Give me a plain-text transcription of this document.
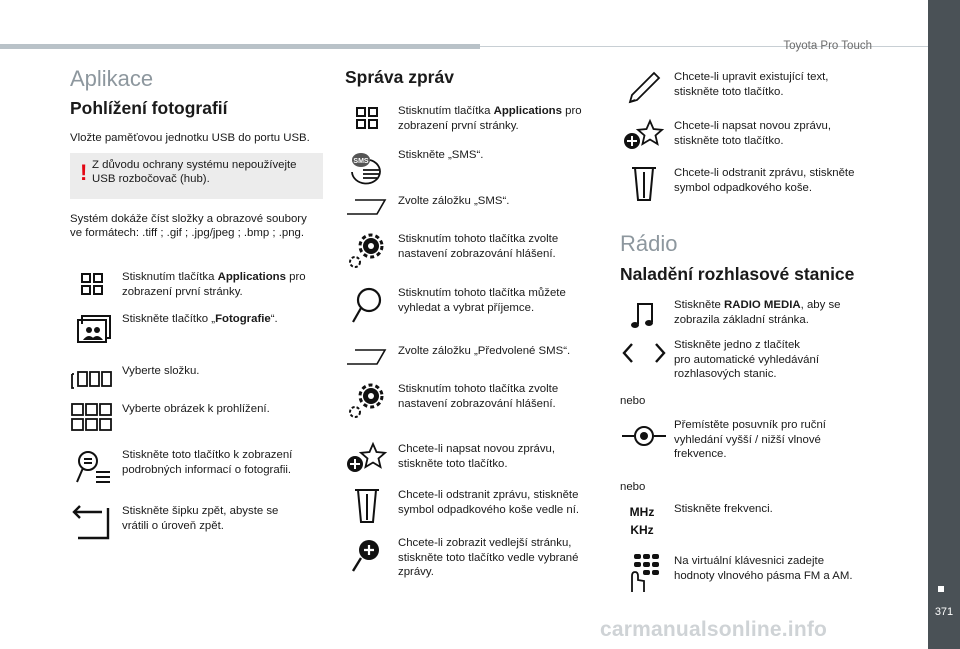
Toyota Pro Touch
371
carmanualsonline.info
Aplikace
Pohlížení fotografií
Vložte paměťovou jednotku USB do portu USB.
! Z důvodu ochrany systému nepoužívejte
USB rozbočovač (hub).
Systém dokáže číst složky a obrazové soubory
ve formátech: .tiff ; .gif ; .jpg/jpeg ; .bmp ; .png.
Stisknutím tlačítka Applications pro
zobrazení první stránky.
Stiskněte tlačítko „Fotografie“.
Vyberte složku.
Vyberte obrázek k prohlížení.
Stiskněte toto tlačítko k zobrazení
podrobných informací o fotografii.
Stiskněte šipku zpět, abyste se
vrátili o úroveň zpět.
Správa zpráv
Stisknutím tlačítka Applications pro
zobrazení první stránky.
SMS
Stiskněte „SMS“.
Zvolte záložku „SMS“.
Stisknutím tohoto tlačítka zvolte
nastavení zobrazování hlášení.
Stisknutím tohoto tlačítka můžete
vyhledat a vybrat příjemce.
Zvolte záložku „Předvolené SMS“.
Stisknutím tohoto tlačítka zvolte
nastavení zobrazování hlášení.
Chcete-li napsat novou zprávu,
stiskněte toto tlačítko.
Chcete-li odstranit zprávu, stiskněte
symbol odpadkového koše vedle ní.
Chcete-li zobrazit vedlejší stránku,
stiskněte toto tlačítko vedle vybrané
zprávy.
Chcete-li upravit existující text,
stiskněte toto tlačítko.
Chcete-li napsat novou zprávu,
stiskněte toto tlačítko.
Chcete-li odstranit zprávu, stiskněte
symbol odpadkového koše.
Rádio
Naladění rozhlasové stanice
Stiskněte RADIO MEDIA, aby se
zobrazila základní stránka.
Stiskněte jedno z tlačítek
pro automatické vyhledávání
rozhlasových stanic.
nebo
Přemístěte posuvník pro ruční
vyhledání vyšší / nižší vlnové
frekvence.
nebo
MHz
KHz
Stiskněte frekvenci.
Na virtuální klávesnici zadejte
hodnoty vlnového pásma FM a AM.
